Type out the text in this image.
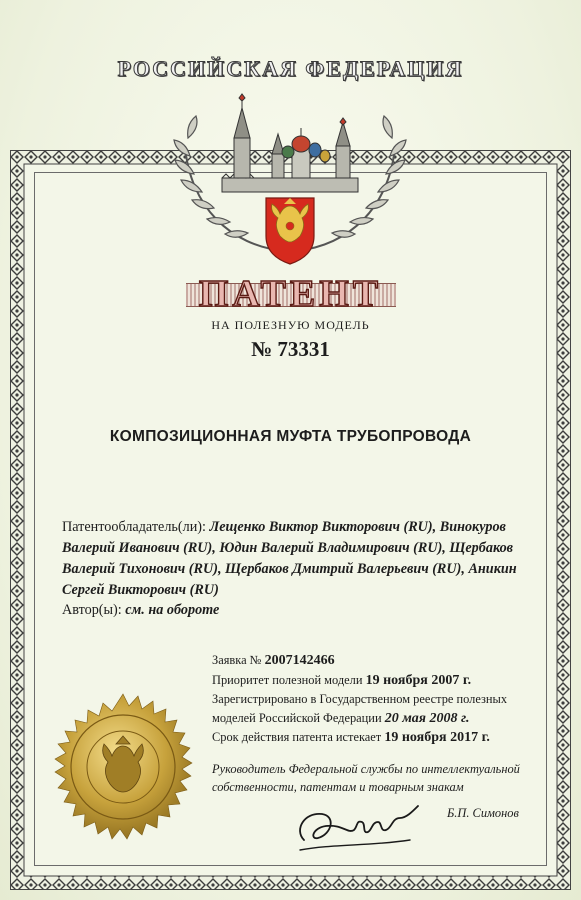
РОССИЙСКАЯ ФЕДЕРАЦИЯ
ПАТЕНТ
НА ПОЛЕЗНУЮ МОДЕЛЬ
№ 73331
КОМПОЗИЦИОННАЯ МУФТА ТРУБОПРОВОДА
Патентообладатель(ли): Лещенко Виктор Викторович (RU), Винокуров Валерий Иванович (RU), Юдин Валерий Владимирович (RU), Щербаков Валерий Тихонович (RU), Щербаков Дмитрий Валерьевич (RU), Аникин Сергей Викторович (RU)
Автор(ы): см. на обороте
Заявка № 2007142466
Приоритет полезной модели 19 ноября 2007 г.
Зарегистрировано в Государственном реестре полезных моделей Российской Федерации 20 мая 2008 г.
Срок действия патента истекает 19 ноября 2017 г.
Руководитель Федеральной службы по интеллектуальной собственности, патентам и товарным знакам
Б.П. Симонов
